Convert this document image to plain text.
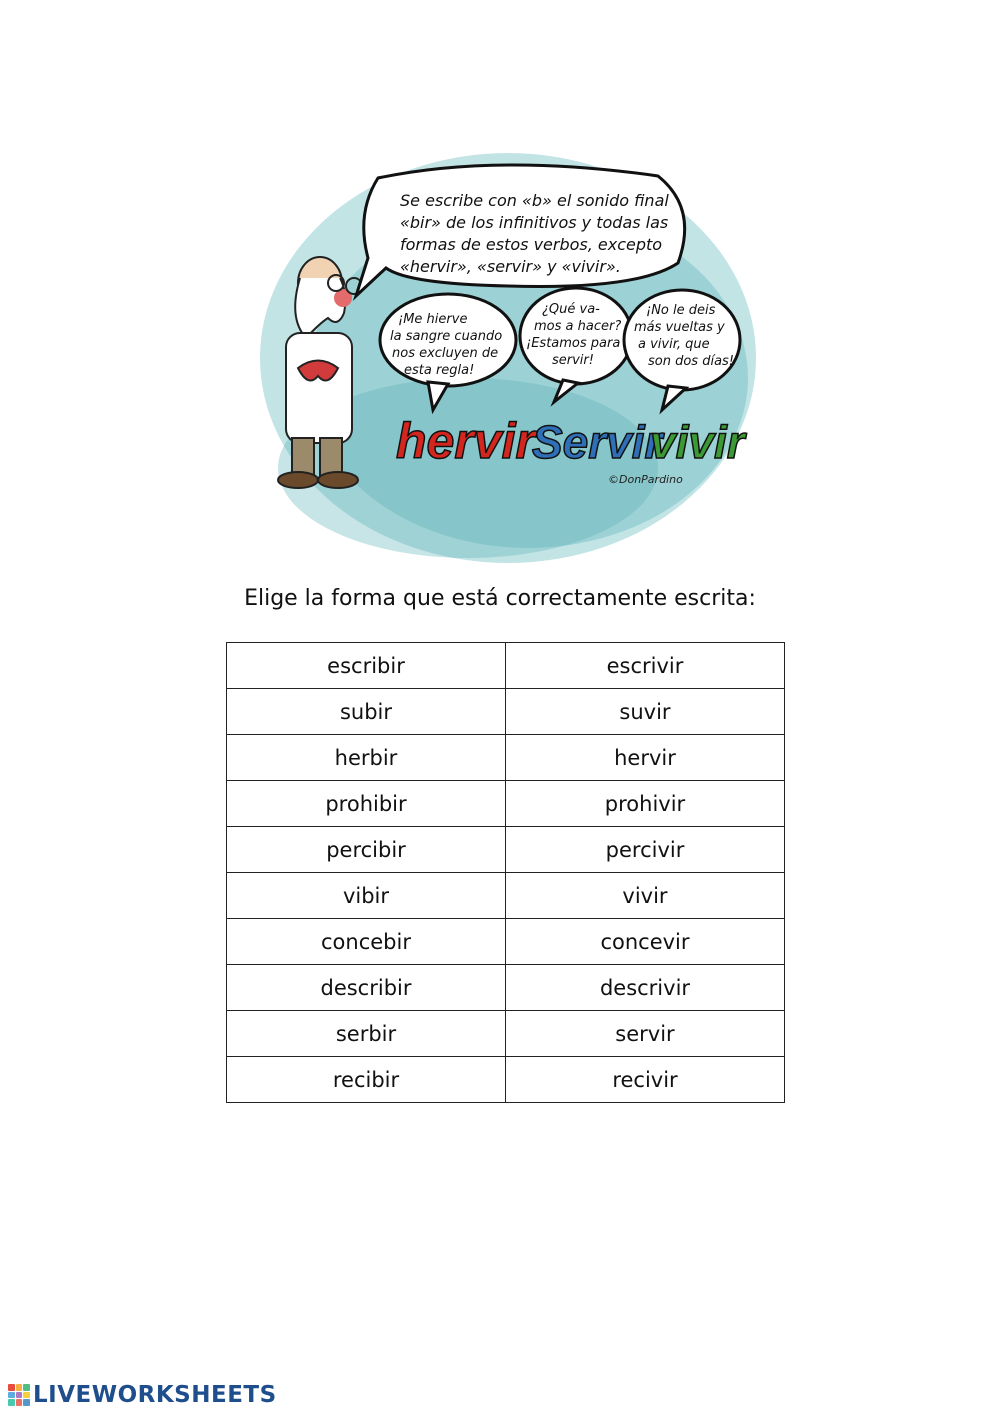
Se escribe con «b» el sonido final
«bir» de los infinitivos y todas las
formas de estos verbos, excepto
«hervir», «servir» y «vivir».
¡Me hierve
la sangre cuando
nos excluyen de
esta regla!
¿Qué va-
mos a hacer?
¡Estamos para
servir!
¡No le deis
más vueltas y
a vivir, que
son dos días!
hervir
Servir
vivir
©DonPardino
Elige la forma que está correctamente escrita:
escribir	escrivir
subir	suvir
herbir	hervir
prohibir	prohivir
percibir	percivir
vibir	vivir
concebir	concevir
describir	descrivir
serbir	servir
recibir	recivir
LIVEWORKSHEETS
